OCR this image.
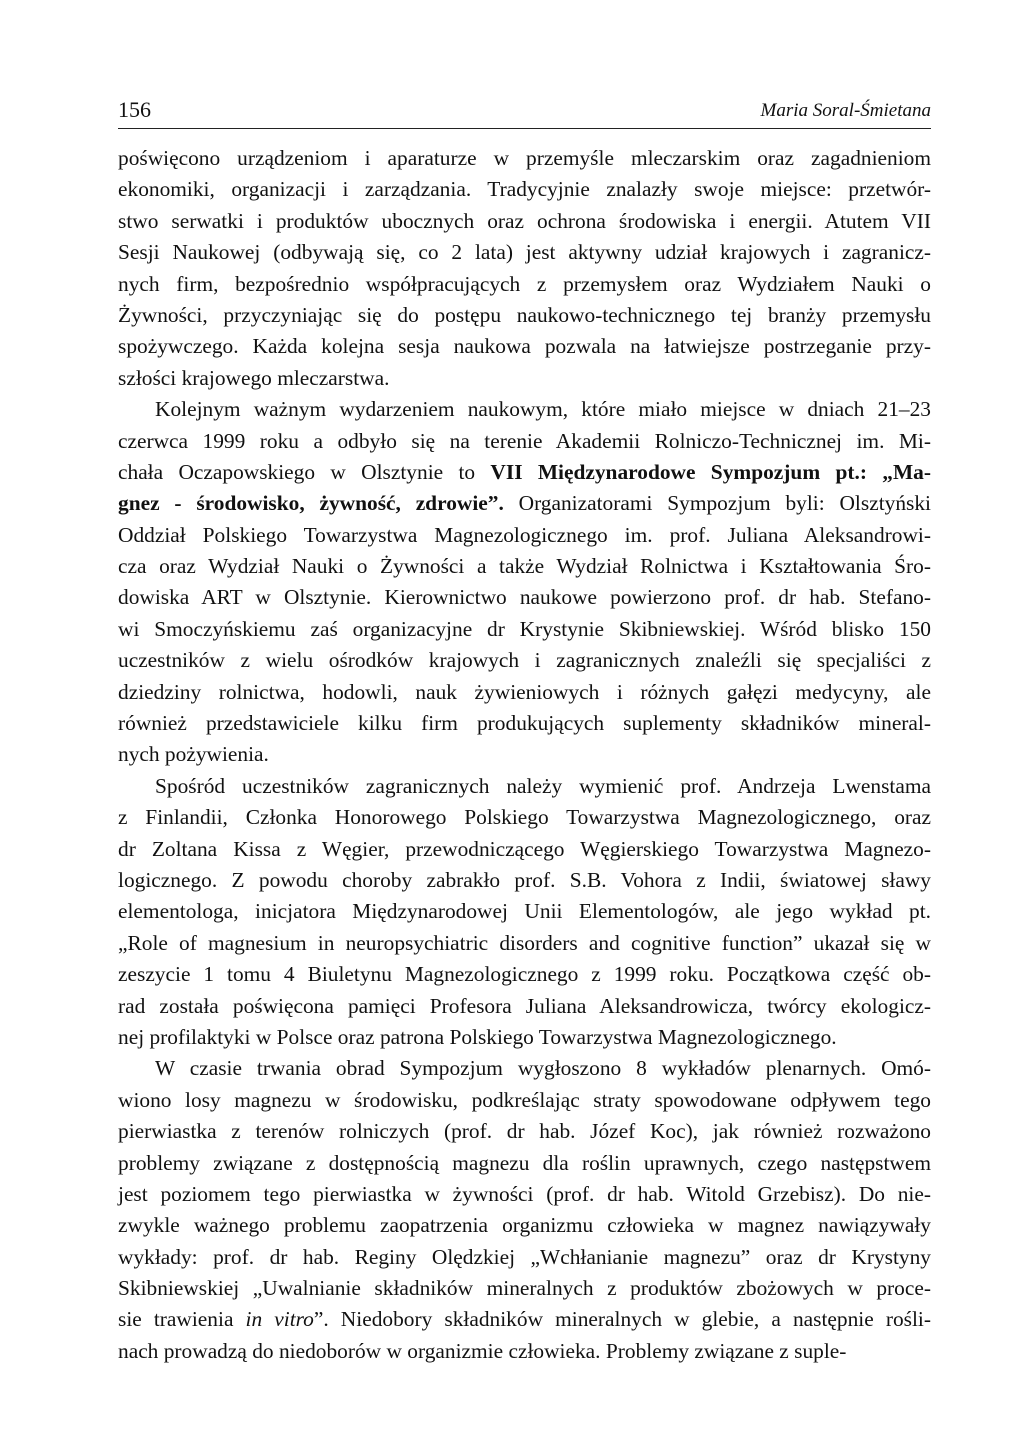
156	Maria Soral-Śmietana
poświęcono urządzeniom i aparaturze w przemyśle mleczarskim oraz zagadnieniom
ekonomiki, organizacji i zarządzania. Tradycyjnie znalazły swoje miejsce: przetwór-
stwo serwatki i produktów ubocznych oraz ochrona środowiska i energii. Atutem VII
Sesji Naukowej (odbywają się, co 2 lata) jest aktywny udział krajowych i zagranicz-
nych firm, bezpośrednio współpracujących z przemysłem oraz Wydziałem Nauki o
Żywności, przyczyniając się do postępu naukowo-technicznego tej branży przemysłu
spożywczego. Każda kolejna sesja naukowa pozwala na łatwiejsze postrzeganie przy-
szłości krajowego mleczarstwa.
Kolejnym ważnym wydarzeniem naukowym, które miało miejsce w dniach 21–23
czerwca 1999 roku a odbyło się na terenie Akademii Rolniczo-Technicznej im. Mi-
chała Oczapowskiego w Olsztynie to VII Międzynarodowe Sympozjum pt.: „Ma-
gnez - środowisko, żywność, zdrowie”. Organizatorami Sympozjum byli: Olsztyński
Oddział Polskiego Towarzystwa Magnezologicznego im. prof. Juliana Aleksandrowi-
cza oraz Wydział Nauki o Żywności a także Wydział Rolnictwa i Kształtowania Śro-
dowiska ART w Olsztynie. Kierownictwo naukowe powierzono prof. dr hab. Stefano-
wi Smoczyńskiemu zaś organizacyjne dr Krystynie Skibniewskiej. Wśród blisko 150
uczestników z wielu ośrodków krajowych i zagranicznych znaleźli się specjaliści z
dziedziny rolnictwa, hodowli, nauk żywieniowych i różnych gałęzi medycyny, ale
również przedstawiciele kilku firm produkujących suplementy składników mineral-
nych pożywienia.
Spośród uczestników zagranicznych należy wymienić prof. Andrzeja Lwenstama
z Finlandii, Członka Honorowego Polskiego Towarzystwa Magnezologicznego, oraz
dr Zoltana Kissa z Węgier, przewodniczącego Węgierskiego Towarzystwa Magnezo-
logicznego. Z powodu choroby zabrakło prof. S.B. Vohora z Indii, światowej sławy
elementologa, inicjatora Międzynarodowej Unii Elementologów, ale jego wykład pt.
„Role of magnesium in neuropsychiatric disorders and cognitive function” ukazał się w
zeszycie 1 tomu 4 Biuletynu Magnezologicznego z 1999 roku. Początkowa część ob-
rad została poświęcona pamięci Profesora Juliana Aleksandrowicza, twórcy ekologicz-
nej profilaktyki w Polsce oraz patrona Polskiego Towarzystwa Magnezologicznego.
W czasie trwania obrad Sympozjum wygłoszono 8 wykładów plenarnych. Omó-
wiono losy magnezu w środowisku, podkreślając straty spowodowane odpływem tego
pierwiastka z terenów rolniczych (prof. dr hab. Józef Koc), jak również rozważono
problemy związane z dostępnością magnezu dla roślin uprawnych, czego następstwem
jest poziomem tego pierwiastka w żywności (prof. dr hab. Witold Grzebisz). Do nie-
zwykle ważnego problemu zaopatrzenia organizmu człowieka w magnez nawiązywały
wykłady: prof. dr hab. Reginy Olędzkiej „Wchłanianie magnezu” oraz dr Krystyny
Skibniewskiej „Uwalnianie składników mineralnych z produktów zbożowych w proce-
sie trawienia in vitro”. Niedobory składników mineralnych w glebie, a następnie rośli-
nach prowadzą do niedoborów w organizmie człowieka. Problemy związane z suple-
